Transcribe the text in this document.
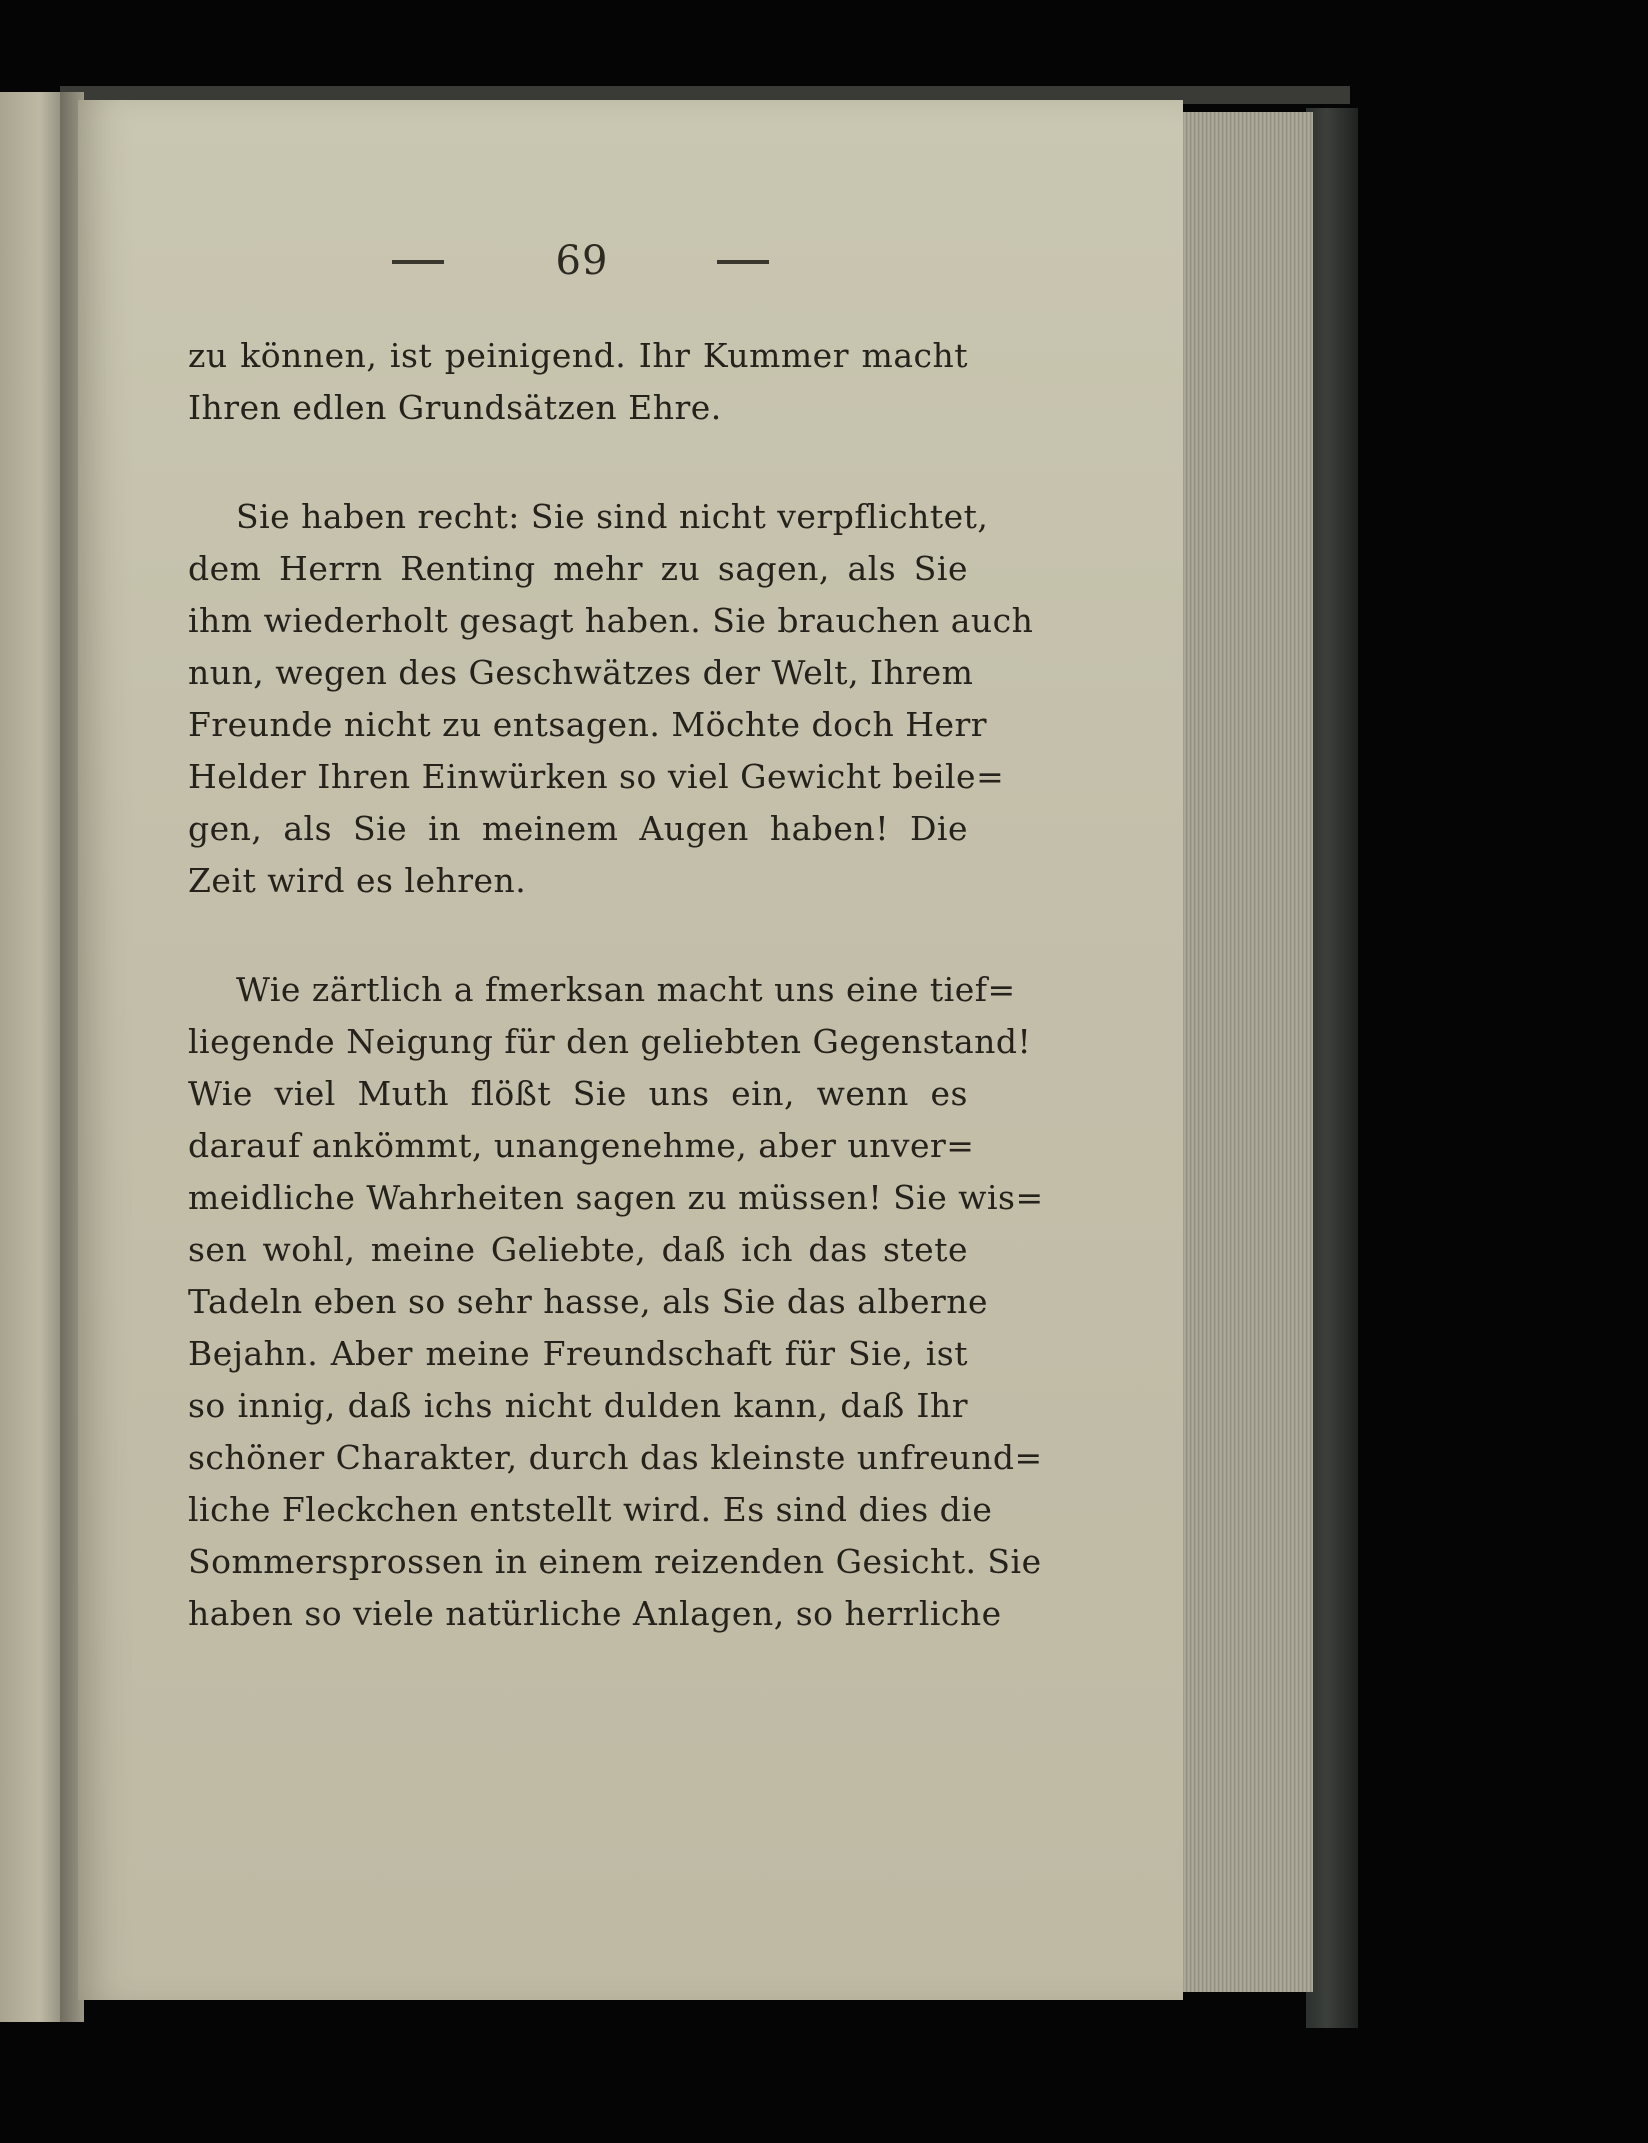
69
zu können, ist peinigend. Ihr Kummer macht
Ihren edlen Grundsätzen Ehre.
Sie haben recht: Sie sind nicht verpflichtet,
dem Herrn Renting mehr zu sagen, als Sie
ihm wiederholt gesagt haben. Sie brauchen auch
nun, wegen des Geschwätzes der Welt, Ihrem
Freunde nicht zu entsagen. Möchte doch Herr
Helder Ihren Einwürken so viel Gewicht beile=
gen, als Sie in meinem Augen haben! Die
Zeit wird es lehren.
Wie zärtlich a fmerksan macht uns eine tief=
liegende Neigung für den geliebten Gegenstand!
Wie viel Muth flößt Sie uns ein, wenn es
darauf ankömmt, unangenehme, aber unver=
meidliche Wahrheiten sagen zu müssen! Sie wis=
sen wohl, meine Geliebte, daß ich das stete
Tadeln eben so sehr hasse, als Sie das alberne
Bejahn. Aber meine Freundschaft für Sie, ist
so innig, daß ichs nicht dulden kann, daß Ihr
schöner Charakter, durch das kleinste unfreund=
liche Fleckchen entstellt wird. Es sind dies die
Sommersprossen in einem reizenden Gesicht. Sie
haben so viele natürliche Anlagen, so herrliche
